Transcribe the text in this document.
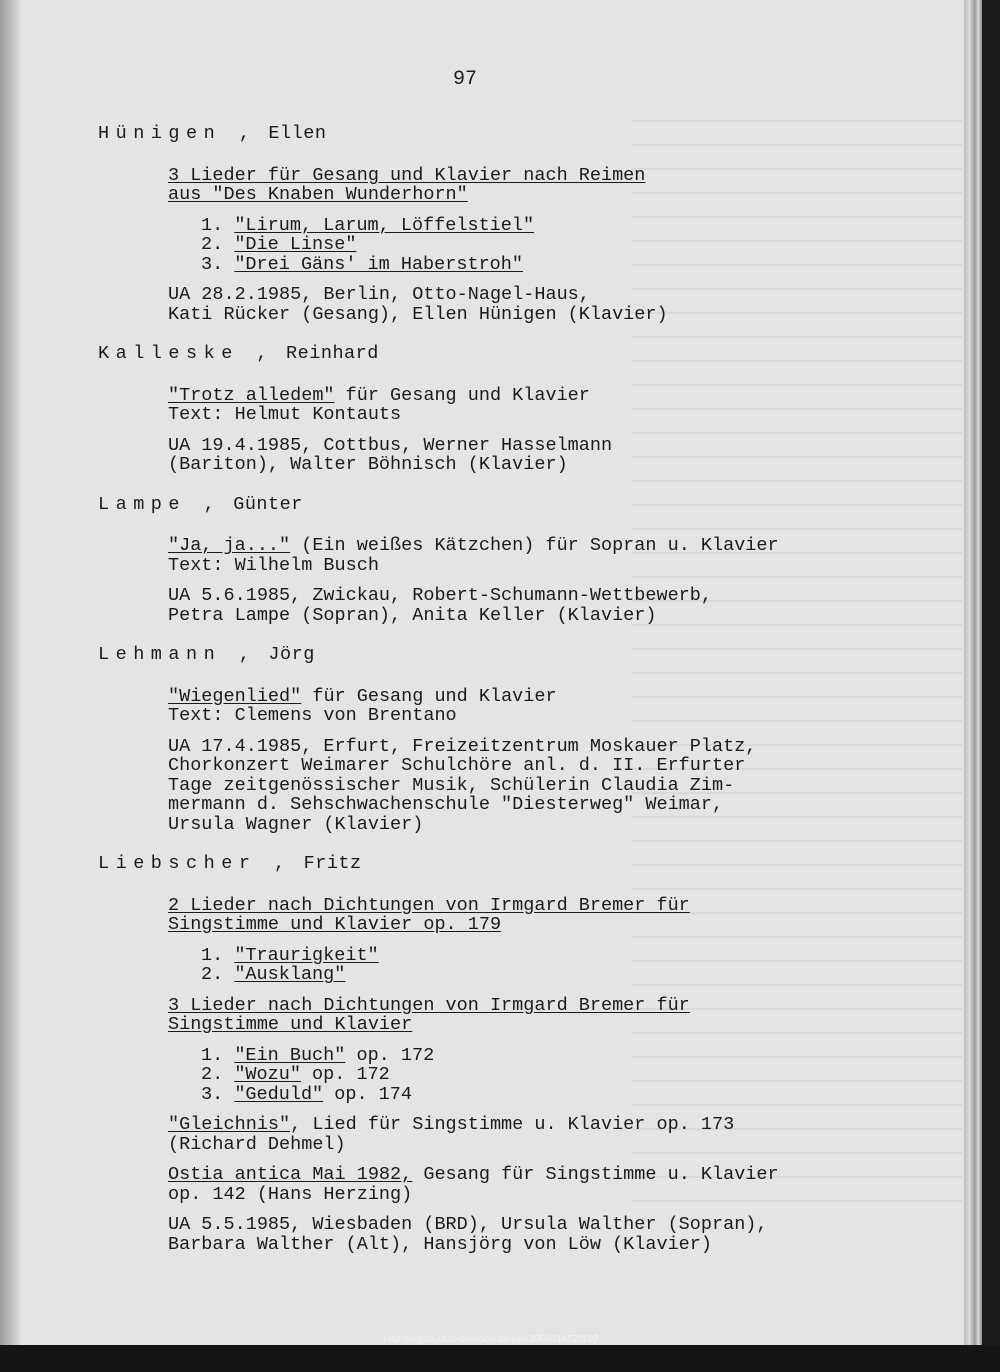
97
Hünigen , Ellen
3 Lieder für Gesang und Klavier nach Reimen
aus "Des Knaben Wunderhorn"
1. "Lirum, Larum, Löffelstiel"
2. "Die Linse"
3. "Drei Gäns' im Haberstroh"
UA 28.2.1985, Berlin, Otto-Nagel-Haus,
Kati Rücker (Gesang), Ellen Hünigen (Klavier)
Kalleske , Reinhard
"Trotz alledem" für Gesang und Klavier
Text: Helmut Kontauts
UA 19.4.1985, Cottbus, Werner Hasselmann
(Bariton), Walter Böhnisch (Klavier)
Lampe , Günter
"Ja, ja..." (Ein weißes Kätzchen) für Sopran u. Klavier
Text: Wilhelm Busch
UA 5.6.1985, Zwickau, Robert-Schumann-Wettbewerb,
Petra Lampe (Sopran), Anita Keller (Klavier)
Lehmann , Jörg
"Wiegenlied" für Gesang und Klavier
Text: Clemens von Brentano
UA 17.4.1985, Erfurt, Freizeitzentrum Moskauer Platz,
Chorkonzert Weimarer Schulchöre anl. d. II. Erfurter
Tage zeitgenössischer Musik, Schülerin Claudia Zim-
mermann d. Sehschwachenschule "Diesterweg" Weimar,
Ursula Wagner (Klavier)
Liebscher , Fritz
2 Lieder nach Dichtungen von Irmgard Bremer für
Singstimme und Klavier op. 179
1. "Traurigkeit"
2. "Ausklang"
3 Lieder nach Dichtungen von Irmgard Bremer für
Singstimme und Klavier
1. "Ein Buch" op. 172
2. "Wozu" op. 172
3. "Geduld" op. 174
"Gleichnis", Lied für Singstimme u. Klavier op. 173
(Richard Dehmel)
Ostia antica Mai 1982, Gesang für Singstimme u. Klavier
op. 142 (Hans Herzing)
UA 5.5.1985, Wiesbaden (BRD), Ursula Walther (Sopran),
Barbara Walther (Alt), Hansjörg von Löw (Klavier)
http://digital.slub-dresden.de/ppn30880165Z/107
